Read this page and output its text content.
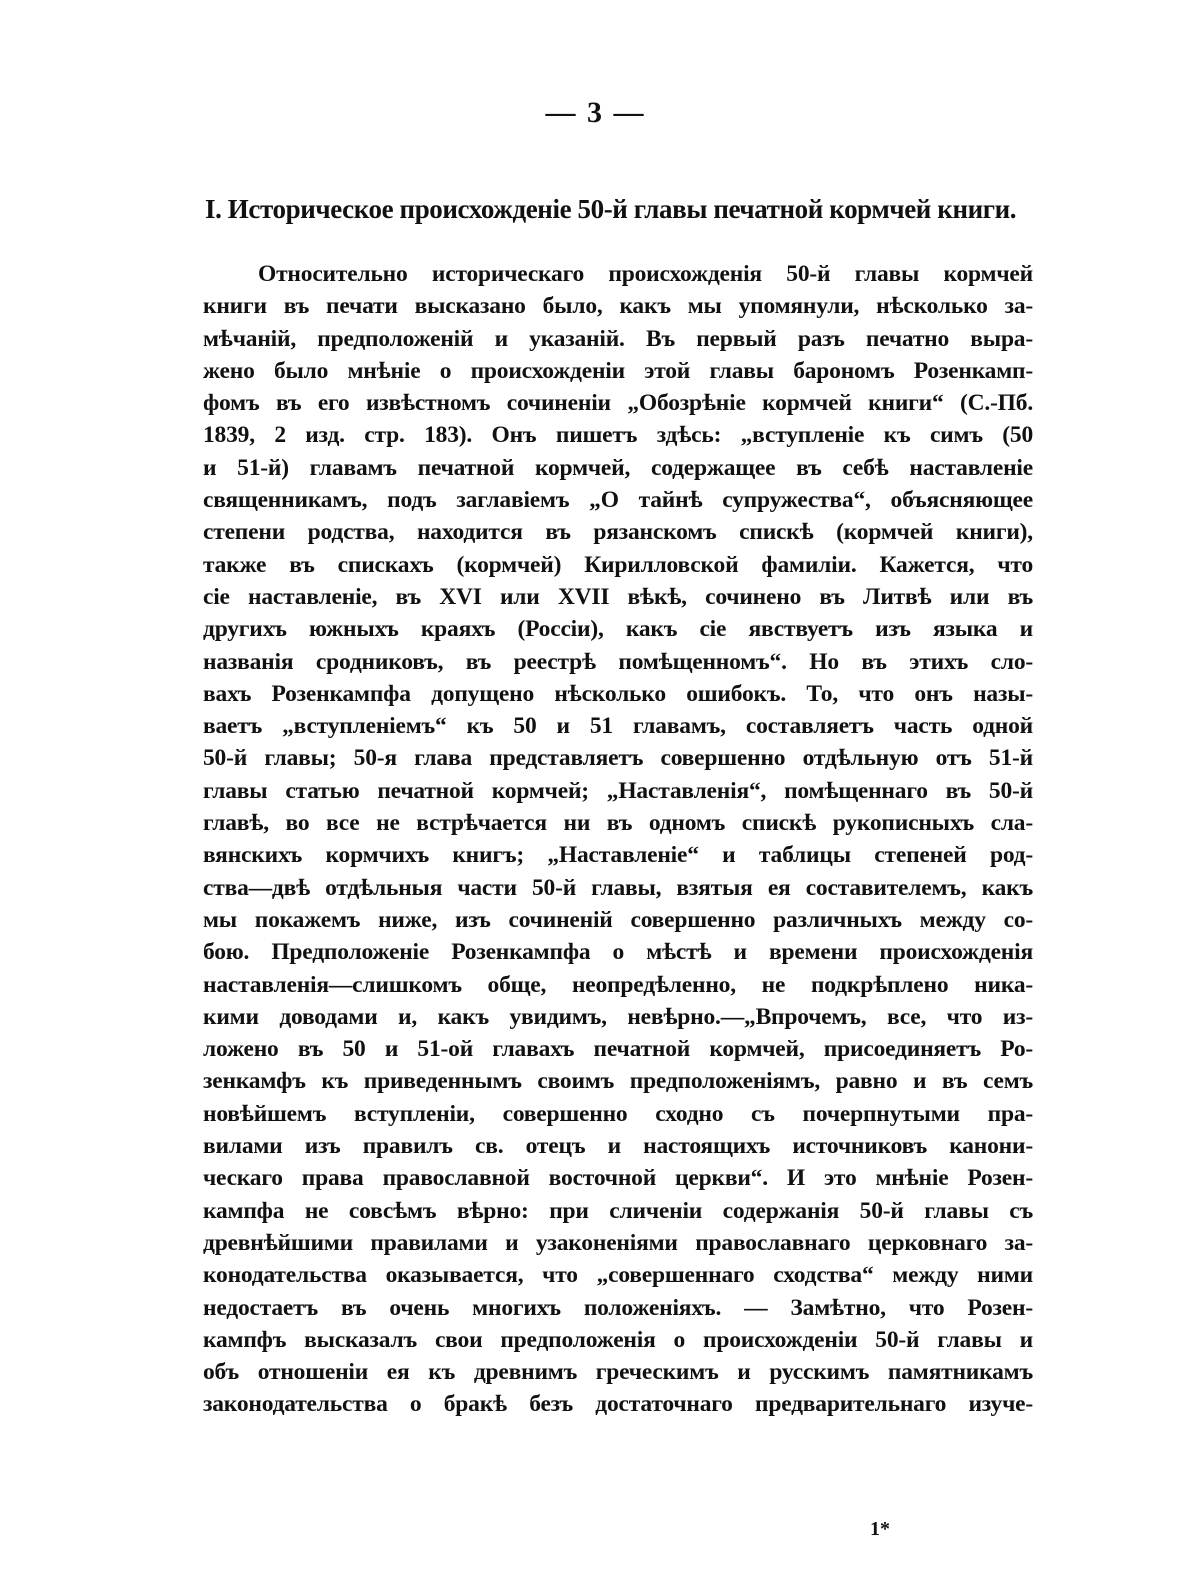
— 3 —
I. Историческое происхожденіе 50-й главы печатной кормчей книги.
Относительно историческаго происхожденія 50-й главы кормчей
книги въ печати высказано было, какъ мы упомянули, нѣсколько за-
мѣчаній, предположеній и указаній. Въ первый разъ печатно выра-
жено было мнѣніе о происхожденіи этой главы барономъ Розенкамп-
фомъ въ его извѣстномъ сочиненіи „Обозрѣніе кормчей книги“ (С.-Пб.
1839, 2 изд. стр. 183). Онъ пишетъ здѣсь: „вступленіе къ симъ (50
и 51-й) главамъ печатной кормчей, содержащее въ себѣ наставленіе
священникамъ, подъ заглавіемъ „О тайнѣ супружества“, объясняющее
степени родства, находится въ рязанскомъ спискѣ (кормчей книги),
также въ спискахъ (кормчей) Кирилловской фамиліи. Кажется, что
сіе наставленіе, въ XVI или XVII вѣкѣ, сочинено въ Литвѣ или въ
другихъ южныхъ краяхъ (Россіи), какъ сіе явствуетъ изъ языка и
названія сродниковъ, въ реестрѣ помѣщенномъ“. Но въ этихъ сло-
вахъ Розенкампфа допущено нѣсколько ошибокъ. То, что онъ назы-
ваетъ „вступленіемъ“ къ 50 и 51 главамъ, составляетъ часть одной
50-й главы; 50-я глава представляетъ совершенно отдѣльную отъ 51-й
главы статью печатной кормчей; „Наставленія“, помѣщеннаго въ 50-й
главѣ, во все не встрѣчается ни въ одномъ спискѣ рукописныхъ сла-
вянскихъ кормчихъ книгъ; „Наставленіе“ и таблицы степеней род-
ства—двѣ отдѣльныя части 50-й главы, взятыя ея составителемъ, какъ
мы покажемъ ниже, изъ сочиненій совершенно различныхъ между со-
бою. Предположеніе Розенкампфа о мѣстѣ и времени происхожденія
наставленія—слишкомъ обще, неопредѣленно, не подкрѣплено ника-
кими доводами и, какъ увидимъ, невѣрно.—„Впрочемъ, все, что из-
ложено въ 50 и 51-ой главахъ печатной кормчей, присоединяетъ Ро-
зенкамфъ къ приведеннымъ своимъ предположеніямъ, равно и въ семъ
новѣйшемъ вступленіи, совершенно сходно съ почерпнутыми пра-
вилами изъ правилъ св. отецъ и настоящихъ источниковъ канони-
ческаго права православной восточной церкви“. И это мнѣніе Розен-
кампфа не совсѣмъ вѣрно: при сличеніи содержанія 50-й главы съ
древнѣйшими правилами и узаконеніями православнаго церковнаго за-
конодательства оказывается, что „совершеннаго сходства“ между ними
недостаетъ въ очень многихъ положеніяхъ. — Замѣтно, что Розен-
кампфъ высказалъ свои предположенія о происхожденіи 50-й главы и
объ отношеніи ея къ древнимъ греческимъ и русскимъ памятникамъ
законодательства о бракѣ безъ достаточнаго предварительнаго изуче-
1*
